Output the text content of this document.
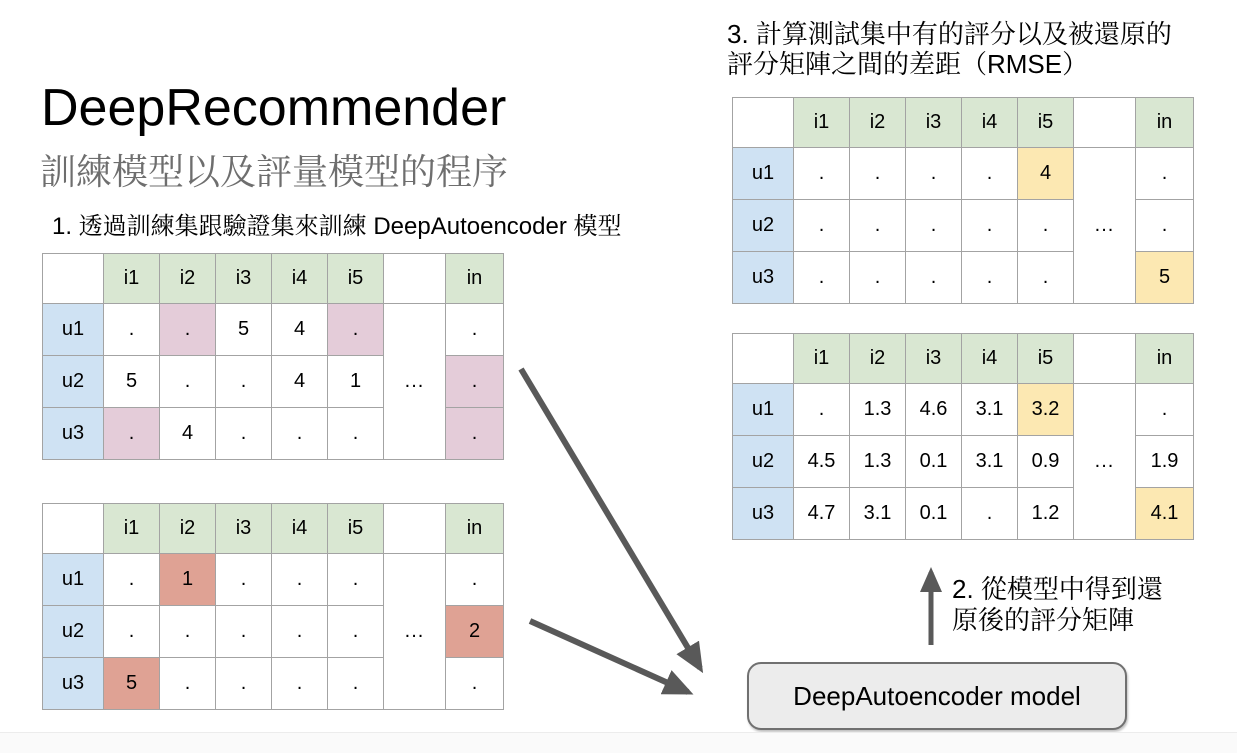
DeepRecommender
訓練模型以及評量模型的程序
1. 透過訓練集跟驗證集來訓練 DeepAutoencoder 模型
3. 計算測試集中有的評分以及被還原的
評分矩陣之間的差距（RMSE）
2. 從模型中得到還
原後的評分矩陣
	i1	i2	i3	i4	i5		in
u1	.	.	5	4	.	...	.
u2	5	.	.	4	1		.
u3	.	4	.	.	.		.
	i1	i2	i3	i4	i5		in
u1	.	1	.	.	.	...	.
u2	.	.	.	.	.		2
u3	5	.	.	.	.		.
	i1	i2	i3	i4	i5		in
u1	.	.	.	.	4	...	.
u2	.	.	.	.	.		.
u3	.	.	.	.	.		5
	i1	i2	i3	i4	i5		in
u1	.	1.3	4.6	3.1	3.2	...	.
u2	4.5	1.3	0.1	3.1	0.9		1.9
u3	4.7	3.1	0.1	.	1.2		4.1
DeepAutoencoder model
